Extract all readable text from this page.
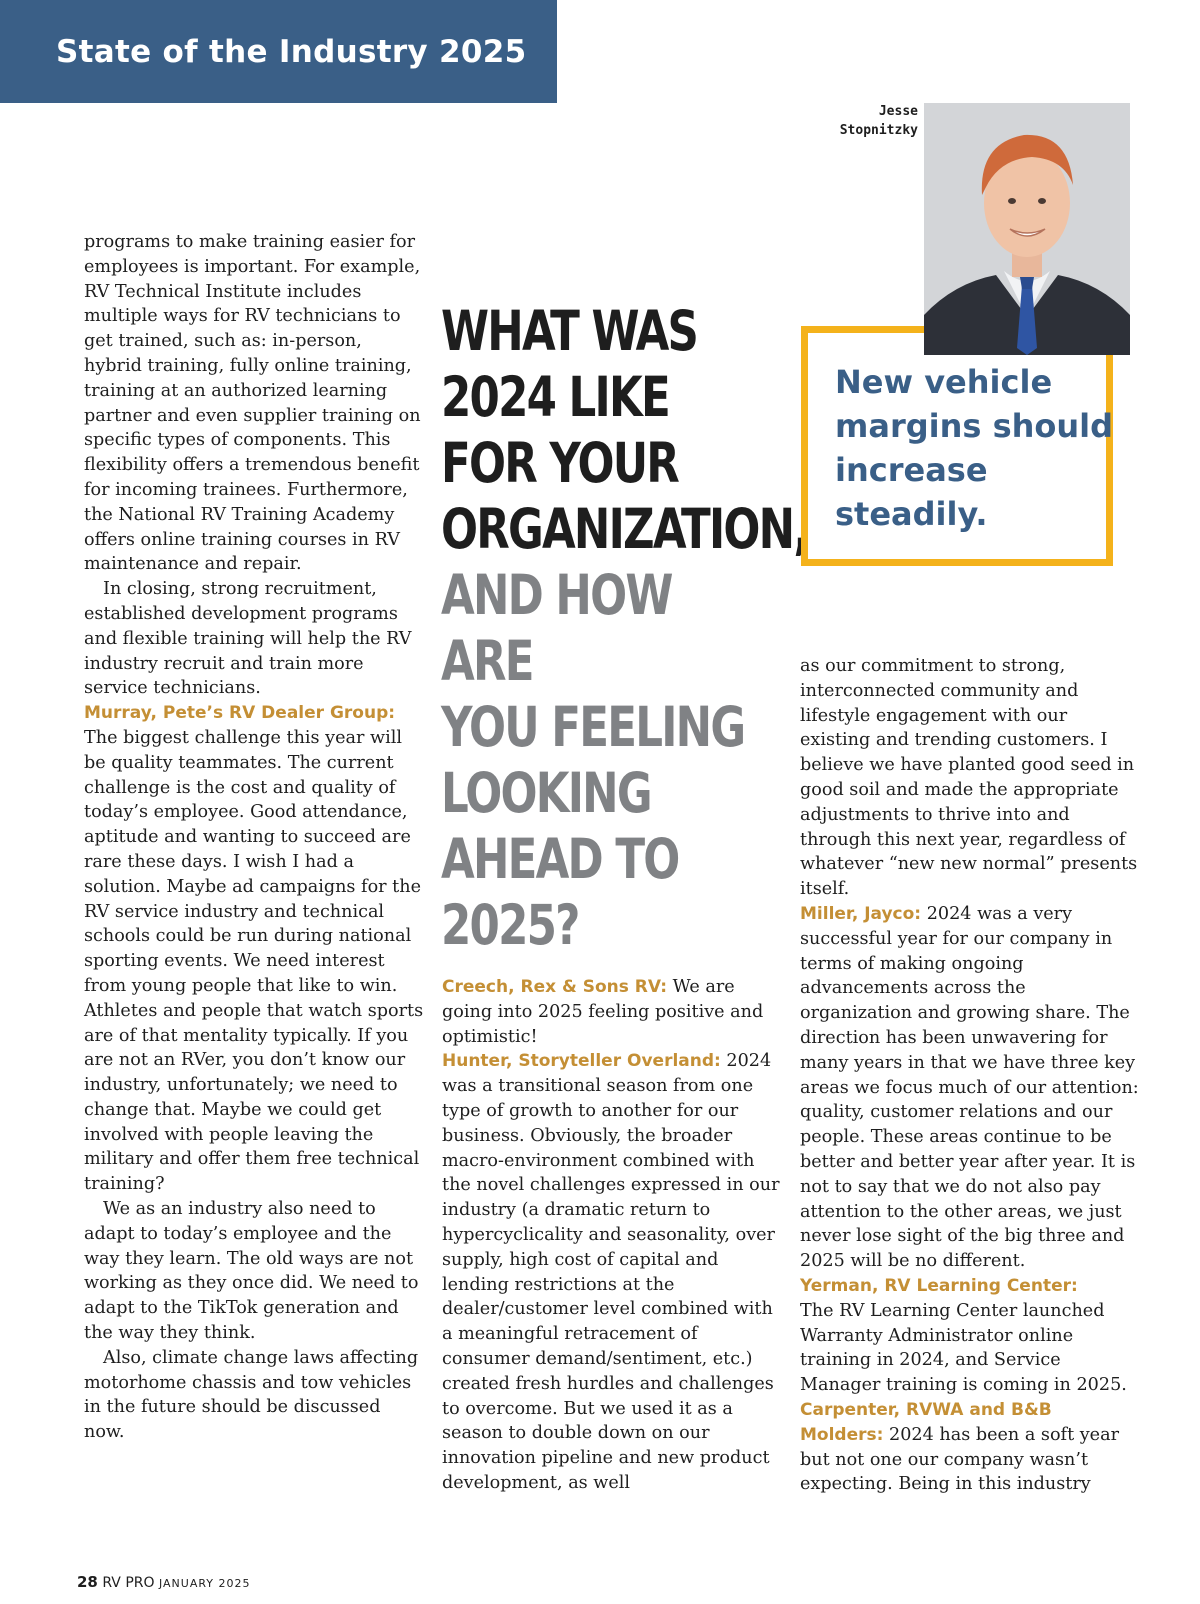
State of the Industry 2025

programs to make training easier for employees is important. For example, RV Technical Institute includes multiple ways for RV technicians to get trained, such as: in-person, hybrid training, fully online training, training at an authorized learning partner and even supplier training on specific types of components. This flexibility offers a tremendous benefit for incoming trainees. Furthermore, the National RV Training Academy offers online training courses in RV maintenance and repair.

In closing, strong recruitment, established development programs and flexible training will help the RV industry recruit and train more service technicians.

Murray, Pete’s RV Dealer Group:
The biggest challenge this year will be quality teammates. The current challenge is the cost and quality of today’s employee. Good attendance, aptitude and wanting to succeed are rare these days. I wish I had a solution. Maybe ad campaigns for the RV service industry and technical schools could be run during national sporting events. We need interest from young people that like to win. Athletes and people that watch sports are of that mentality typically. If you are not an RVer, you don’t know our industry, unfortunately; we need to change that. Maybe we could get involved with people leaving the military and offer them free technical training?

We as an industry also need to adapt to today’s employee and the way they learn. The old ways are not working as they once did. We need to adapt to the TikTok generation and the way they think.

Also, climate change laws affecting motorhome chassis and tow vehicles in the future should be discussed now.

WHAT WAS
2024 LIKE
FOR YOUR
ORGANIZATION,
AND HOW ARE
YOU FEELING
LOOKING
AHEAD TO
2025?
Jesse
Stopnitzky
New vehicle margins should increase steadily.

Creech, Rex & Sons RV: We are going into 2025 feeling positive and optimistic!

Hunter, Storyteller Overland: 2024 was a transitional season from one type of growth to another for our business. Obviously, the broader macro-environment combined with the novel challenges expressed in our industry (a dramatic return to hypercyclicality and seasonality, over supply, high cost of capital and lending restrictions at the dealer/customer level combined with a meaningful retracement of consumer demand/sentiment, etc.) created fresh hurdles and challenges to overcome. But we used it as a season to double down on our innovation pipeline and new product development, as well

as our commitment to strong, interconnected community and lifestyle engagement with our existing and trending customers. I believe we have planted good seed in good soil and made the appropriate adjustments to thrive into and through this next year, regardless of whatever “new new normal” presents itself.

Miller, Jayco: 2024 was a very successful year for our company in terms of making ongoing advancements across the organization and growing share. The direction has been unwavering for many years in that we have three key areas we focus much of our attention: quality, customer relations and our people. These areas continue to be better and better year after year. It is not to say that we do not also pay attention to the other areas, we just never lose sight of the big three and 2025 will be no different.

Yerman, RV Learning Center:
The RV Learning Center launched Warranty Administrator online training in 2024, and Service Manager training is coming in 2025.

Carpenter, RVWA and B&B Molders: 2024 has been a soft year but not one our company wasn’t expecting. Being in this industry

28 RV PRO JANUARY 2025
